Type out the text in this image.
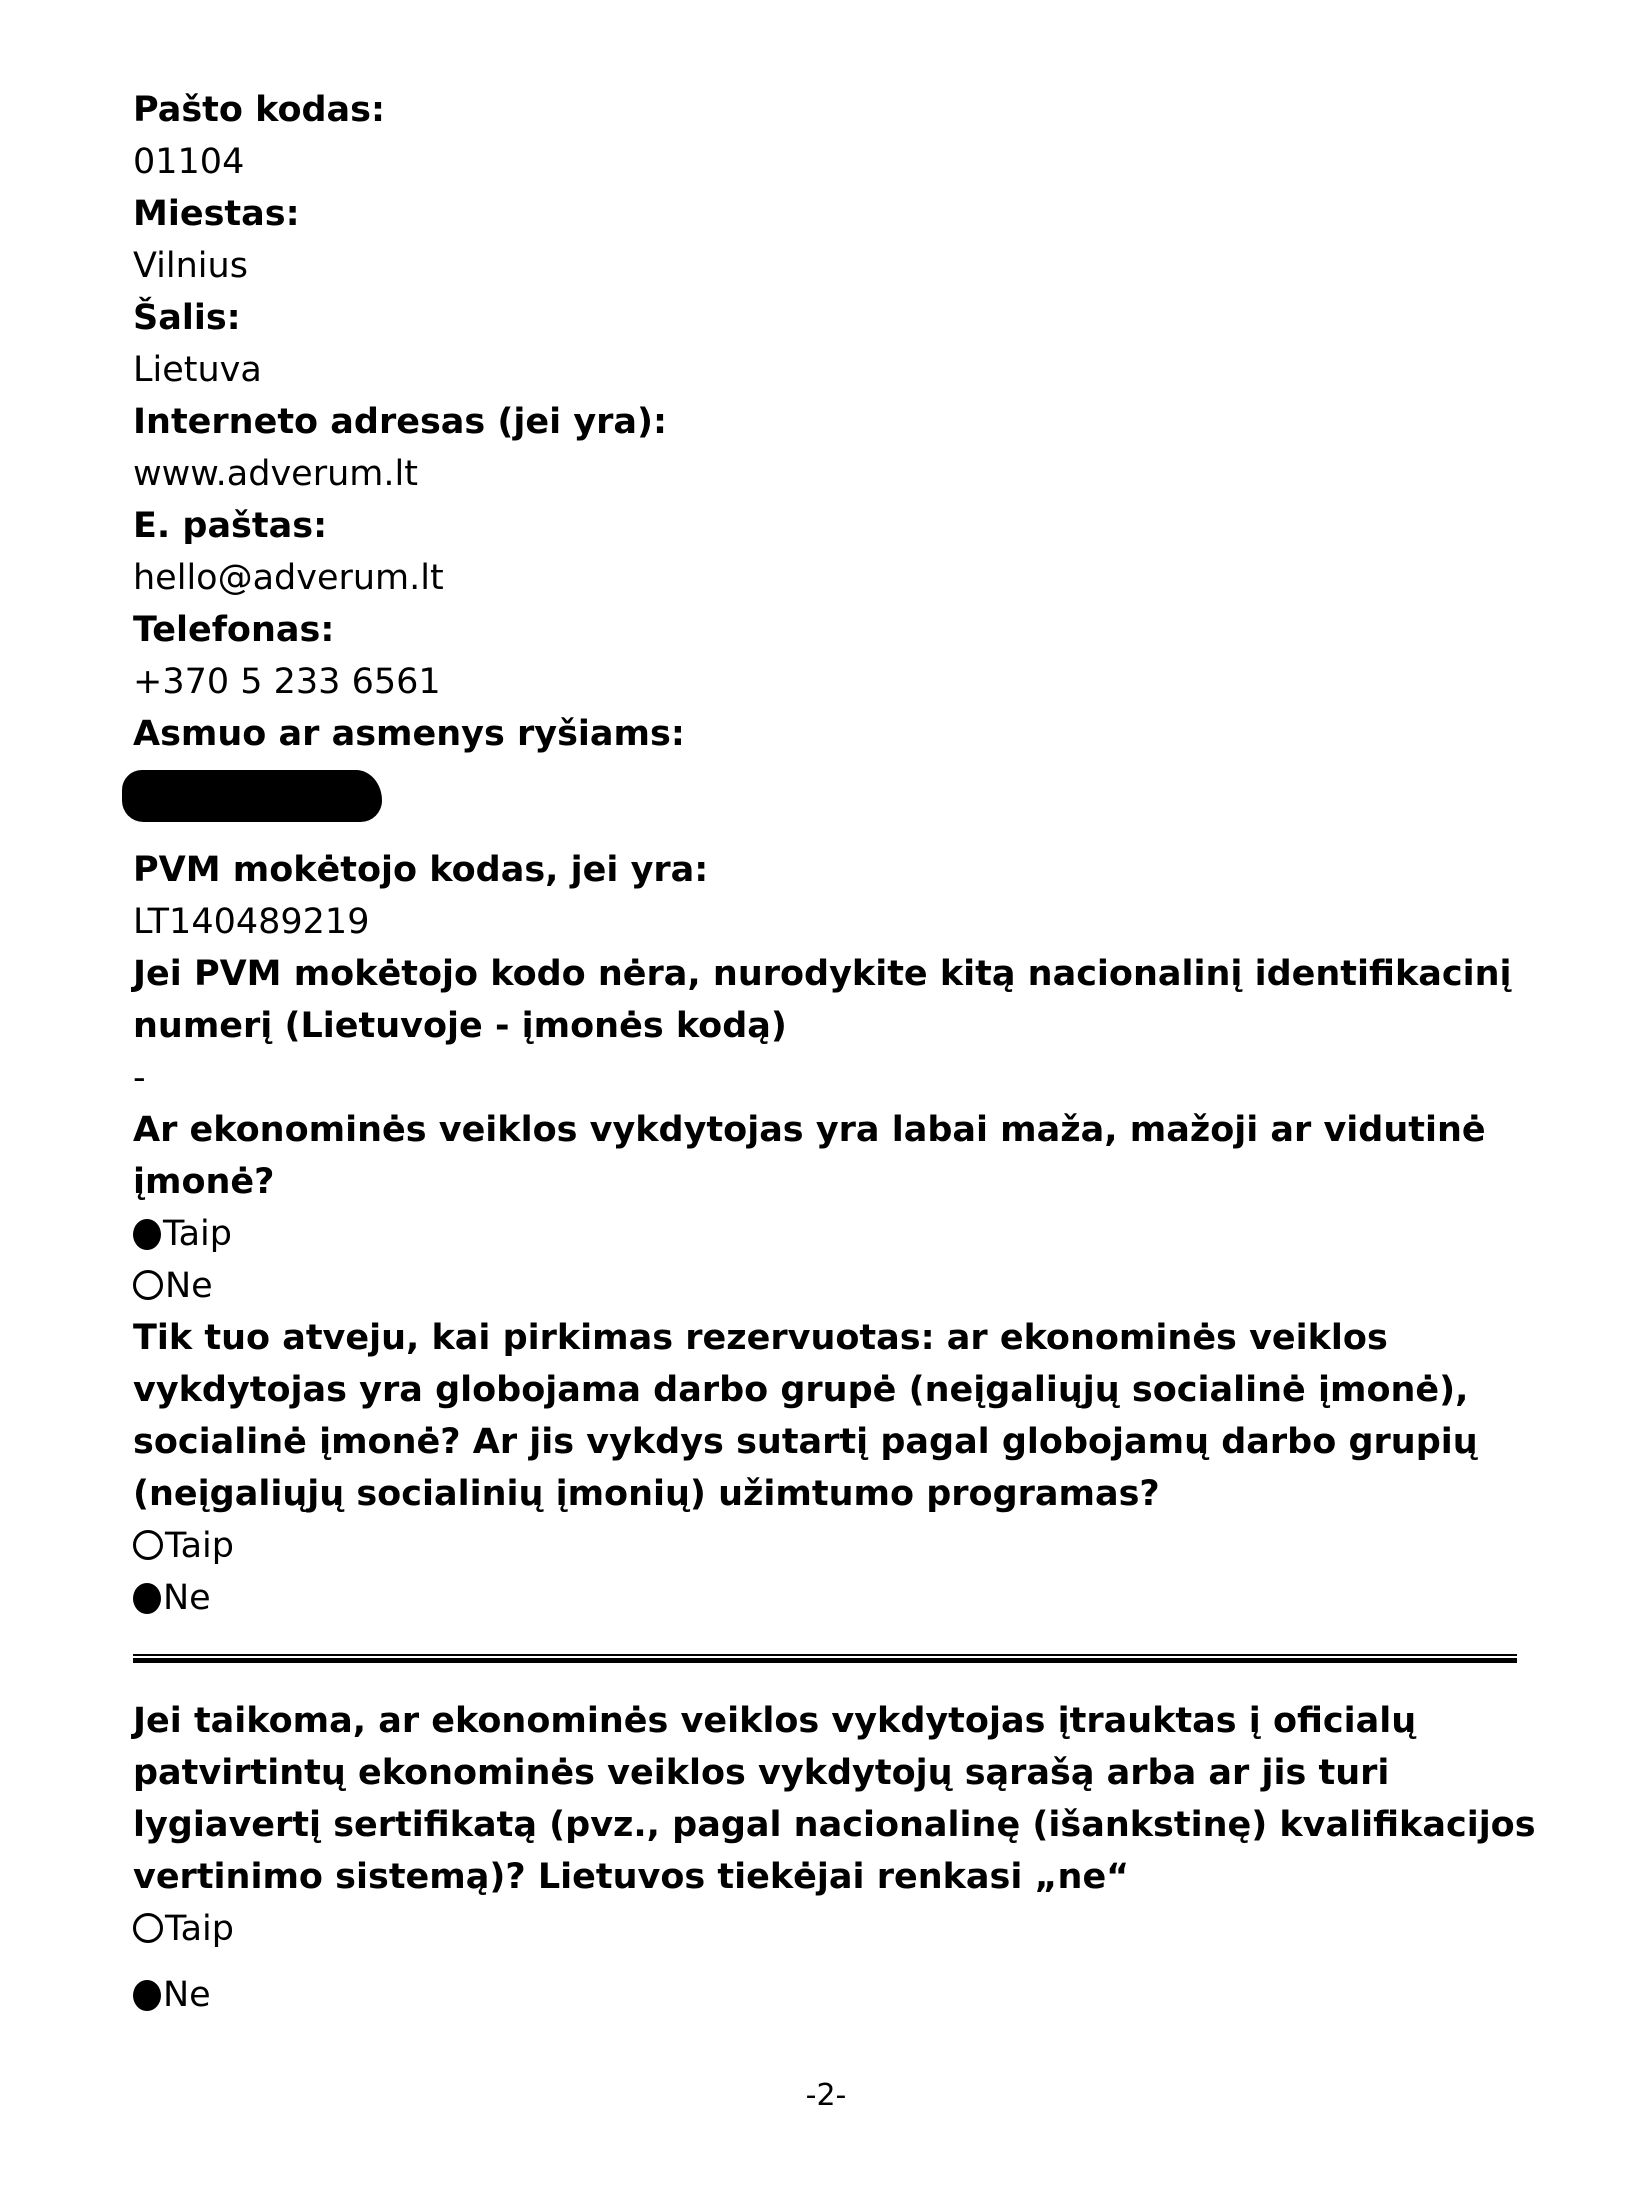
Pašto kodas:
01104
Miestas:
Vilnius
Šalis:
Lietuva
Interneto adresas (jei yra):
www.adverum.lt
E. paštas:
hello@adverum.lt
Telefonas:
+370 5 233 6561
Asmuo ar asmenys ryšiams:
PVM mokėtojo kodas, jei yra:
LT140489219
Jei PVM mokėtojo kodo nėra, nurodykite kitą nacionalinį identifikacinį
numerį (Lietuvoje - įmonės kodą)
-
Ar ekonominės veiklos vykdytojas yra labai maža, mažoji ar vidutinė
įmonė?
Taip
Ne
Tik tuo atveju, kai pirkimas rezervuotas: ar ekonominės veiklos
vykdytojas yra globojama darbo grupė (neįgaliųjų socialinė įmonė),
socialinė įmonė? Ar jis vykdys sutartį pagal globojamų darbo grupių
(neįgaliųjų socialinių įmonių) užimtumo programas?
Taip
Ne
Jei taikoma, ar ekonominės veiklos vykdytojas įtrauktas į oficialų
patvirtintų ekonominės veiklos vykdytojų sąrašą arba ar jis turi
lygiavertį sertifikatą (pvz., pagal nacionalinę (išankstinę) kvalifikacijos
vertinimo sistemą)? Lietuvos tiekėjai renkasi „ne“
Taip
Ne
-2-
